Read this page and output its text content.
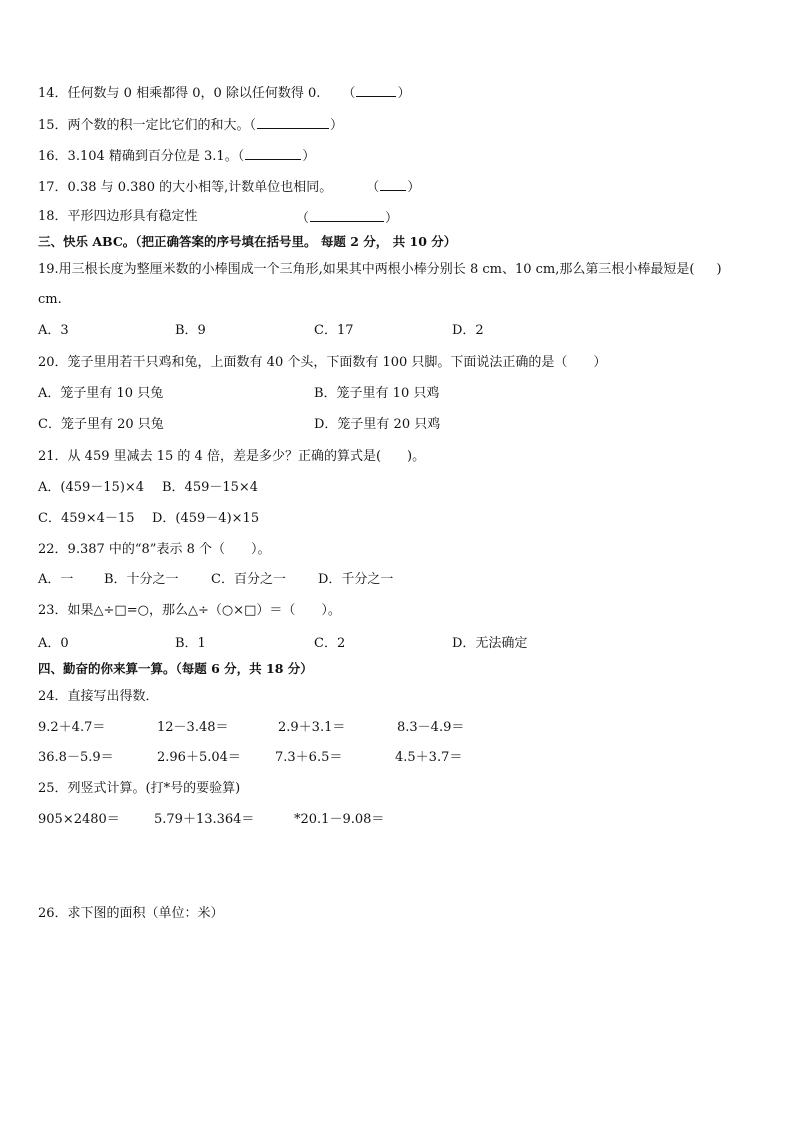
14．任何数与 0 相乘都得 0，0 除以任何数得 0. （	）
15．两个数的积一定比它们的和大。（	）
16．3.104 精确到百分位是 3.1。（	）
17．0.38 与 0.380 的大小相等,计数单位也相同。	（ ）
18．平形四边形具有稳定性	（	）
三、快乐 ABC。（把正确答案的序号填在括号里。 每题 2 分， 共 10 分）
19.用三根长度为整厘米数的小棒围成一个三角形,如果其中两根小棒分别长 8 cm、10 cm,那么第三根小棒最短是( )
cm.
A．3	B．9	C．17	D．2
20．笼子里用若干只鸡和兔，上面数有 40 个头，下面数有 100 只脚。下面说法正确的是（　　）
A．笼子里有 10 只兔	B．笼子里有 10 只鸡
C．笼子里有 20 只兔	D．笼子里有 20 只鸡
21．从 459 里减去 15 的 4 倍，差是多少？正确的算式是(　　)。
A．(459－15)×4 B．459－15×4
C．459×4－15 D．(459－4)×15
22．9.387 中的“8”表示 8 个（　　）。
A．一 B．十分之一 C．百分之一 D．千分之一
23．如果△÷□=○，那么△÷（○×□）＝（　　）。
A．0	B．1	C．2	D．无法确定
四、勤奋的你来算一算。（每题 6 分，共 18 分）
24．直接写出得数．
9.2＋4.7＝	12－3.48＝	2.9＋3.1＝	8.3－4.9＝
36.8－5.9＝	2.96＋5.04＝	7.3＋6.5＝	4.5＋3.7＝
25．列竖式计算。(打*号的要验算)
905×2480＝	5.79＋13.364＝	*20.1－9.08＝
26．求下图的面积（单位：米）
